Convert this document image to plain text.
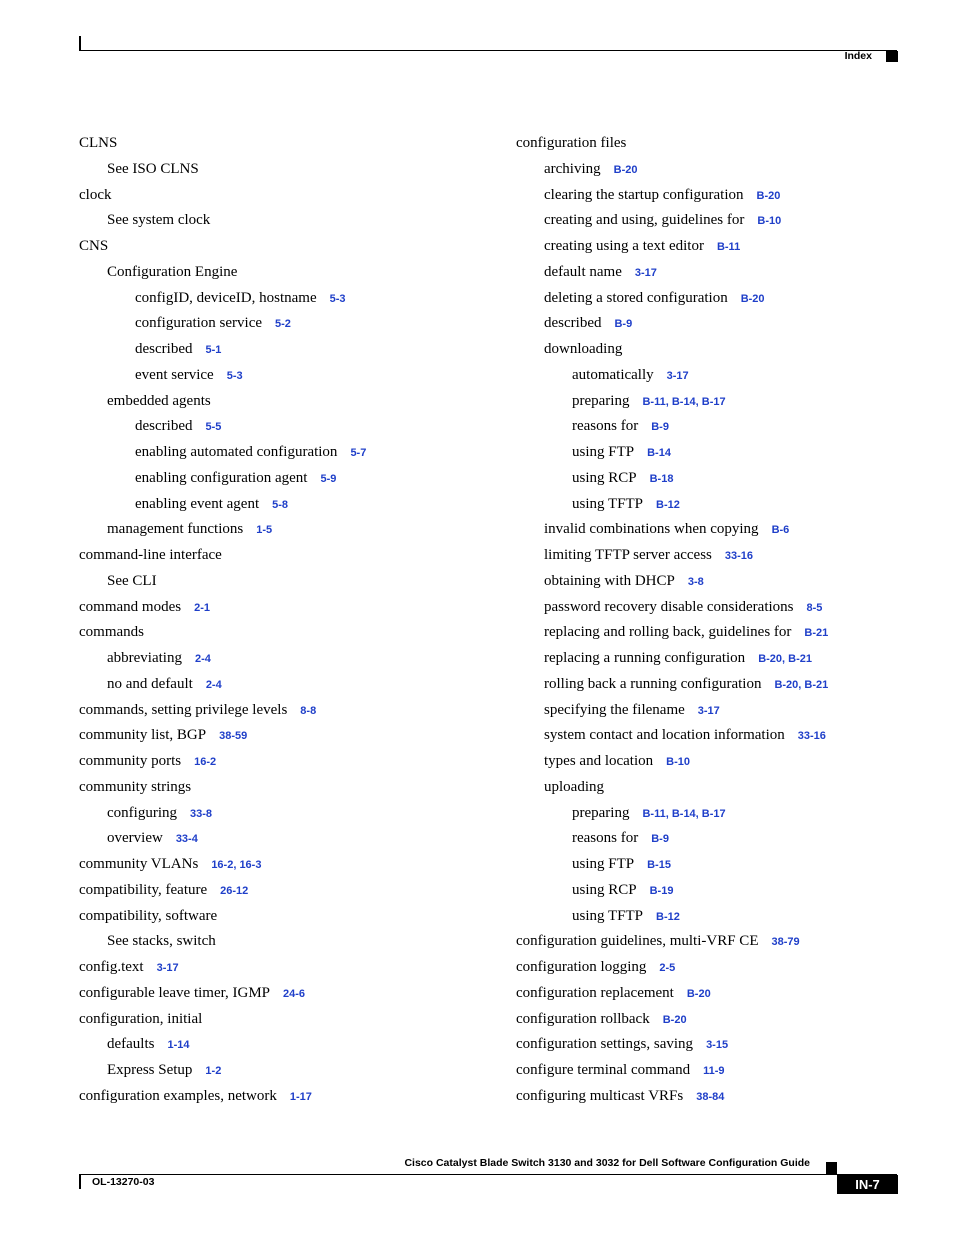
Index
CLNS
See ISO CLNS
clock
See system clock
CNS
Configuration Engine
configID, deviceID, hostname 5-3
configuration service 5-2
described 5-1
event service 5-3
embedded agents
described 5-5
enabling automated configuration 5-7
enabling configuration agent 5-9
enabling event agent 5-8
management functions 1-5
command-line interface
See CLI
command modes 2-1
commands
abbreviating 2-4
no and default 2-4
commands, setting privilege levels 8-8
community list, BGP 38-59
community ports 16-2
community strings
configuring 33-8
overview 33-4
community VLANs 16-2, 16-3
compatibility, feature 26-12
compatibility, software
See stacks, switch
config.text 3-17
configurable leave timer, IGMP 24-6
configuration, initial
defaults 1-14
Express Setup 1-2
configuration examples, network 1-17
configuration files
archiving B-20
clearing the startup configuration B-20
creating and using, guidelines for B-10
creating using a text editor B-11
default name 3-17
deleting a stored configuration B-20
described B-9
downloading
automatically 3-17
preparing B-11, B-14, B-17
reasons for B-9
using FTP B-14
using RCP B-18
using TFTP B-12
invalid combinations when copying B-6
limiting TFTP server access 33-16
obtaining with DHCP 3-8
password recovery disable considerations 8-5
replacing and rolling back, guidelines for B-21
replacing a running configuration B-20, B-21
rolling back a running configuration B-20, B-21
specifying the filename 3-17
system contact and location information 33-16
types and location B-10
uploading
preparing B-11, B-14, B-17
reasons for B-9
using FTP B-15
using RCP B-19
using TFTP B-12
configuration guidelines, multi-VRF CE 38-79
configuration logging 2-5
configuration replacement B-20
configuration rollback B-20
configuration settings, saving 3-15
configure terminal command 11-9
configuring multicast VRFs 38-84
Cisco Catalyst Blade Switch 3130 and 3032 for Dell Software Configuration Guide
OL-13270-03	IN-7
